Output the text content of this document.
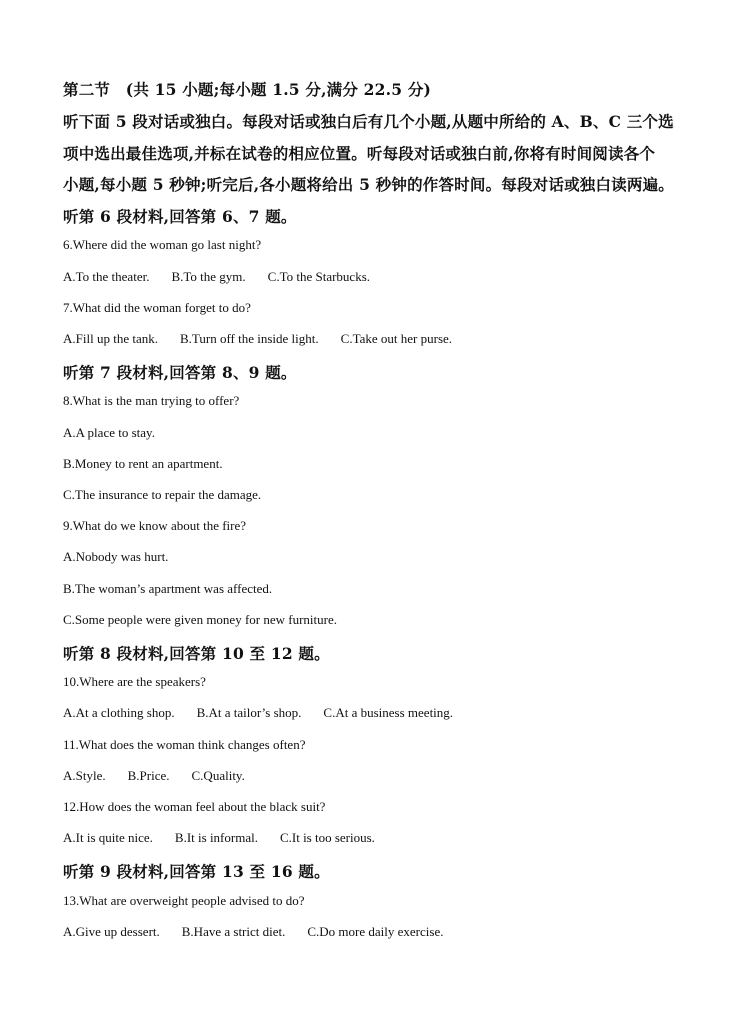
第二节　(共 15 小题;每小题 1.5 分,满分 22.5 分)
听下面 5 段对话或独白。每段对话或独白后有几个小题,从题中所给的 A、B、C 三个选
项中选出最佳选项,并标在试卷的相应位置。听每段对话或独白前,你将有时间阅读各个
小题,每小题 5 秒钟;听完后,各小题将给出 5 秒钟的作答时间。每段对话或独白读两遍。
听第 6 段材料,回答第 6、7 题。
6.Where did the woman go last night?
A.To the theater. B.To the gym. C.To the Starbucks.
7.What did the woman forget to do?
A.Fill up the tank. B.Turn off the inside light. C.Take out her purse.
听第 7 段材料,回答第 8、9 题。
8.What is the man trying to offer?
A.A place to stay.
B.Money to rent an apartment.
C.The insurance to repair the damage.
9.What do we know about the fire?
A.Nobody was hurt.
B.The woman’s apartment was affected.
C.Some people were given money for new furniture.
听第 8 段材料,回答第 10 至 12 题。
10.Where are the speakers?
A.At a clothing shop. B.At a tailor’s shop. C.At a business meeting.
11.What does the woman think changes often?
A.Style. B.Price. C.Quality.
12.How does the woman feel about the black suit?
A.It is quite nice. B.It is informal. C.It is too serious.
听第 9 段材料,回答第 13 至 16 题。
13.What are overweight people advised to do?
A.Give up dessert. B.Have a strict diet. C.Do more daily exercise.
